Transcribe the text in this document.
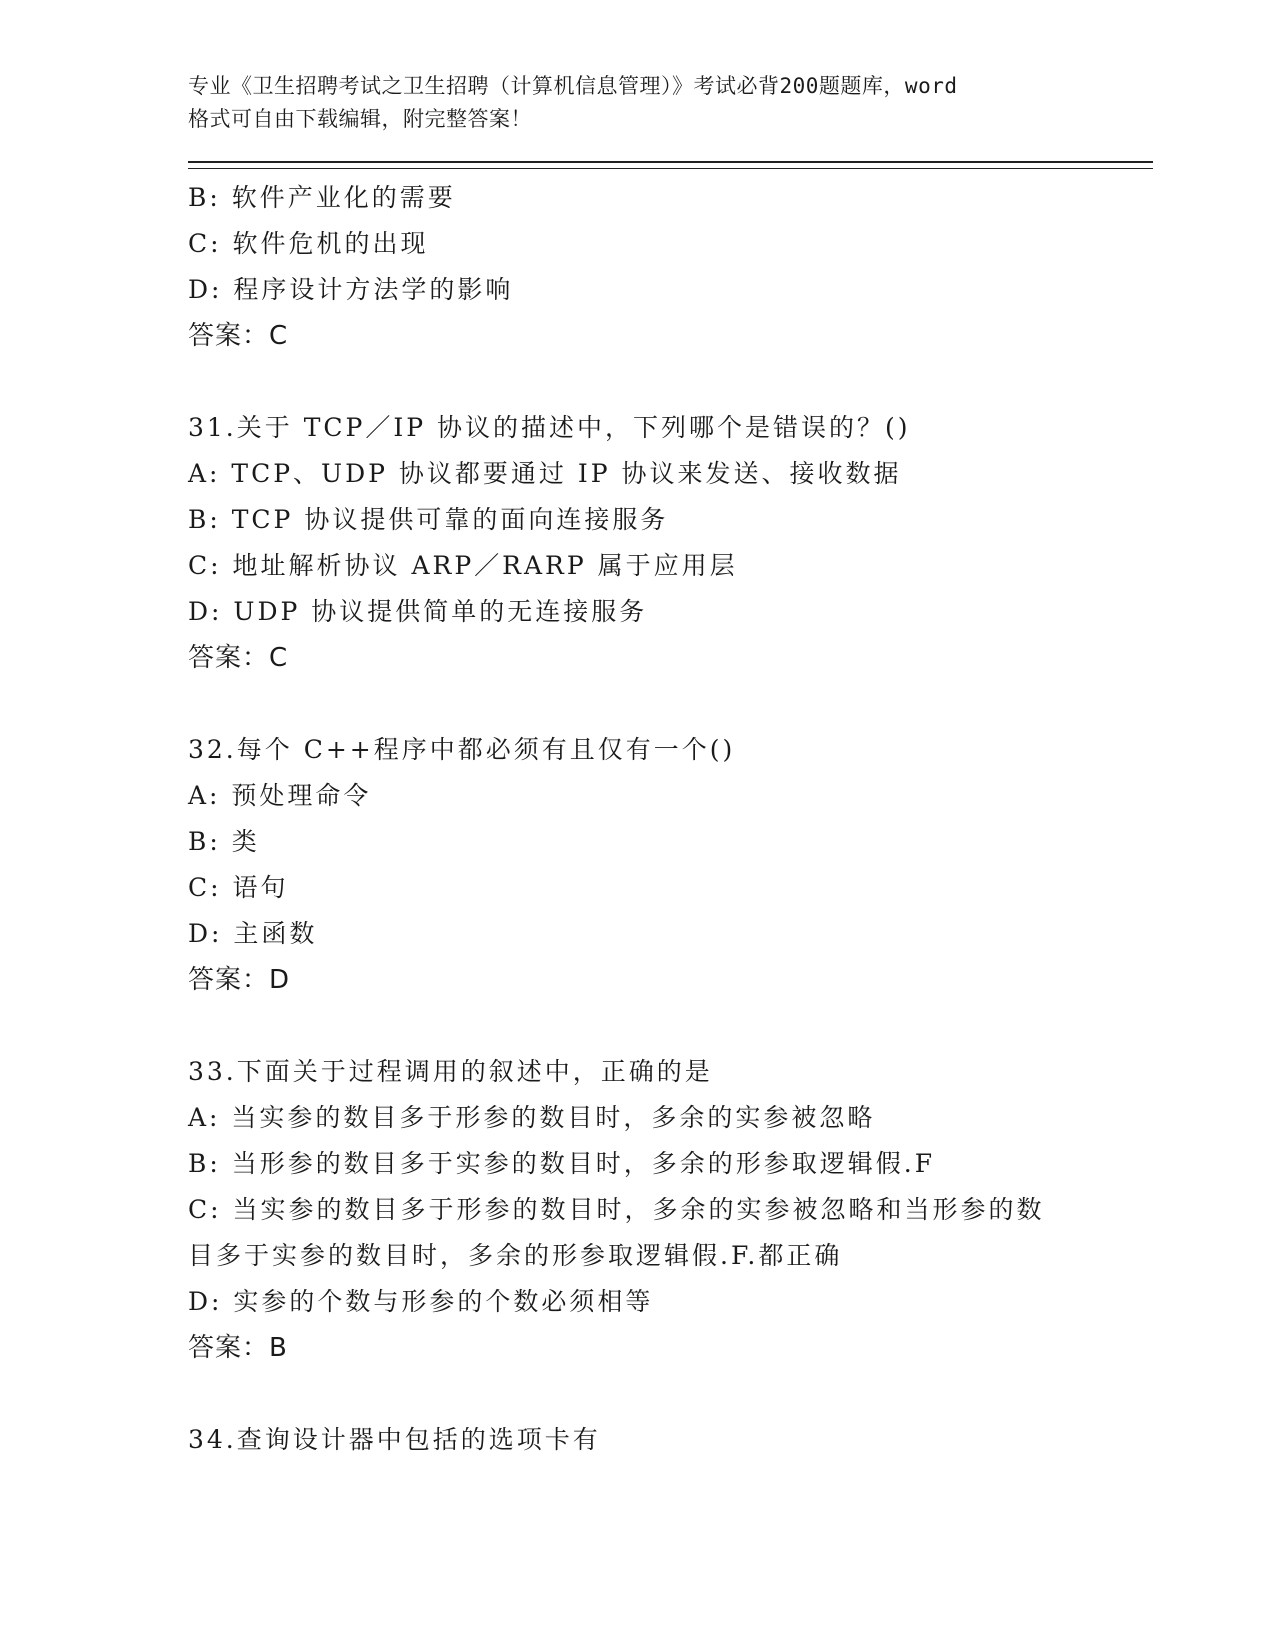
专业《卫生招聘考试之卫生招聘（计算机信息管理）》考试必背200题题库，word

格式可自由下载编辑，附完整答案！

B: 软件产业化的需要
C: 软件危机的出现
D: 程序设计方法学的影响
答案：C
31.关于 TCP／IP 协议的描述中，下列哪个是错误的？()
A: TCP、UDP 协议都要通过 IP 协议来发送、接收数据
B: TCP 协议提供可靠的面向连接服务
C: 地址解析协议 ARP／RARP 属于应用层
D: UDP 协议提供简单的无连接服务
答案：C
32.每个 C++程序中都必须有且仅有一个()
A: 预处理命令
B: 类
C: 语句
D: 主函数
答案：D
33.下面关于过程调用的叙述中，正确的是
A: 当实参的数目多于形参的数目时，多余的实参被忽略
B: 当形参的数目多于实参的数目时，多余的形参取逻辑假.F
C: 当实参的数目多于形参的数目时，多余的实参被忽略和当形参的数
目多于实参的数目时，多余的形参取逻辑假.F.都正确
D: 实参的个数与形参的个数必须相等
答案：B
34.查询设计器中包括的选项卡有
